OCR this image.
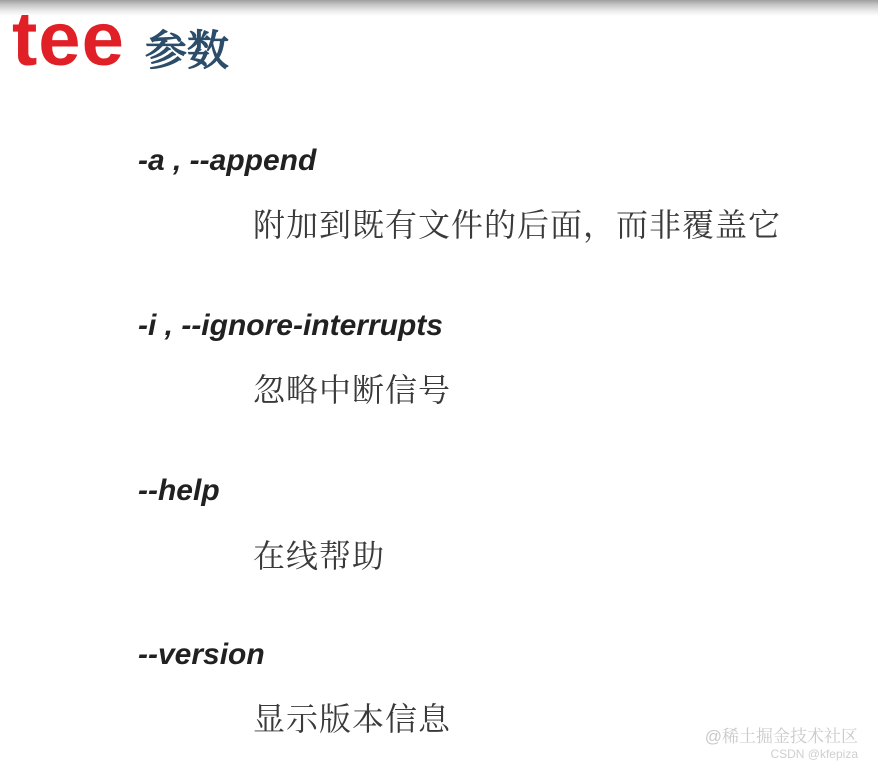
tee 参数
-a , --append
附加到既有文件的后面，而非覆盖它
-i , --ignore-interrupts
忽略中断信号
--help
在线帮助
--version
显示版本信息	@稀土掘金技术社区
CSDN @kfepiza
